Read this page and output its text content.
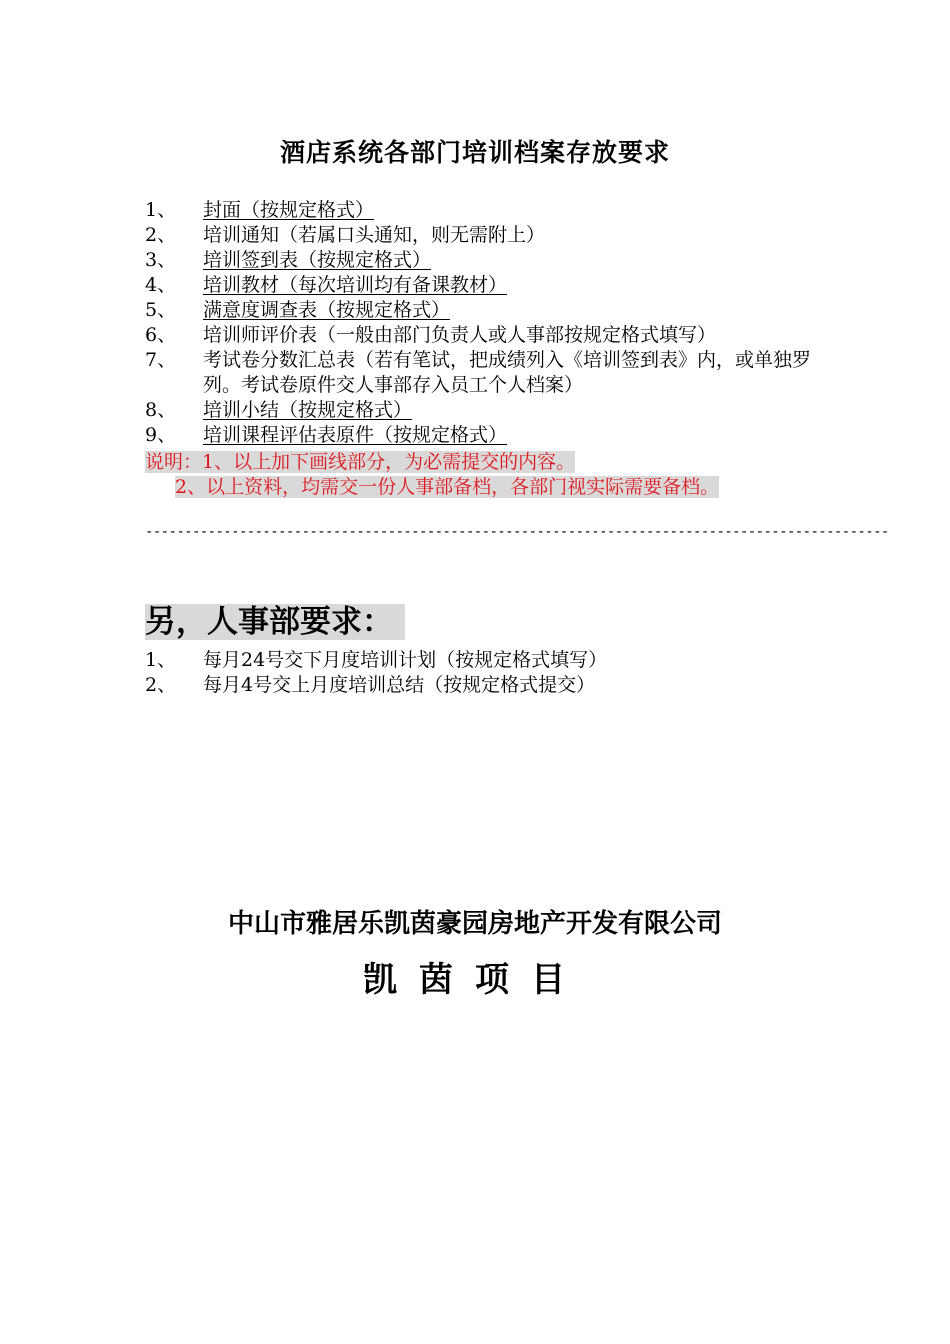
酒店系统各部门培训档案存放要求
1、	封面（按规定格式）
2、	培训通知（若属口头通知，则无需附上）
3、	培训签到表（按规定格式）
4、	培训教材（每次培训均有备课教材）
5、	满意度调查表（按规定格式）
6、	培训师评价表（一般由部门负责人或人事部按规定格式填写）
7、	考试卷分数汇总表（若有笔试，把成绩列入《培训签到表》内，或单独罗列。考试卷原件交人事部存入员工个人档案）
8、	培训小结（按规定格式）
9、	培训课程评估表原件（按规定格式）
说明：1、以上加下画线部分，为必需提交的内容。
2、以上资料，均需交一份人事部备档，各部门视实际需要备档。
-----------------------------------------------------------------------------------------------
另，人事部要求：
1、	每月24号交下月度培训计划（按规定格式填写）
2、	每月4号交上月度培训总结（按规定格式提交）
中山市雅居乐凯茵豪园房地产开发有限公司
凯茵项目
